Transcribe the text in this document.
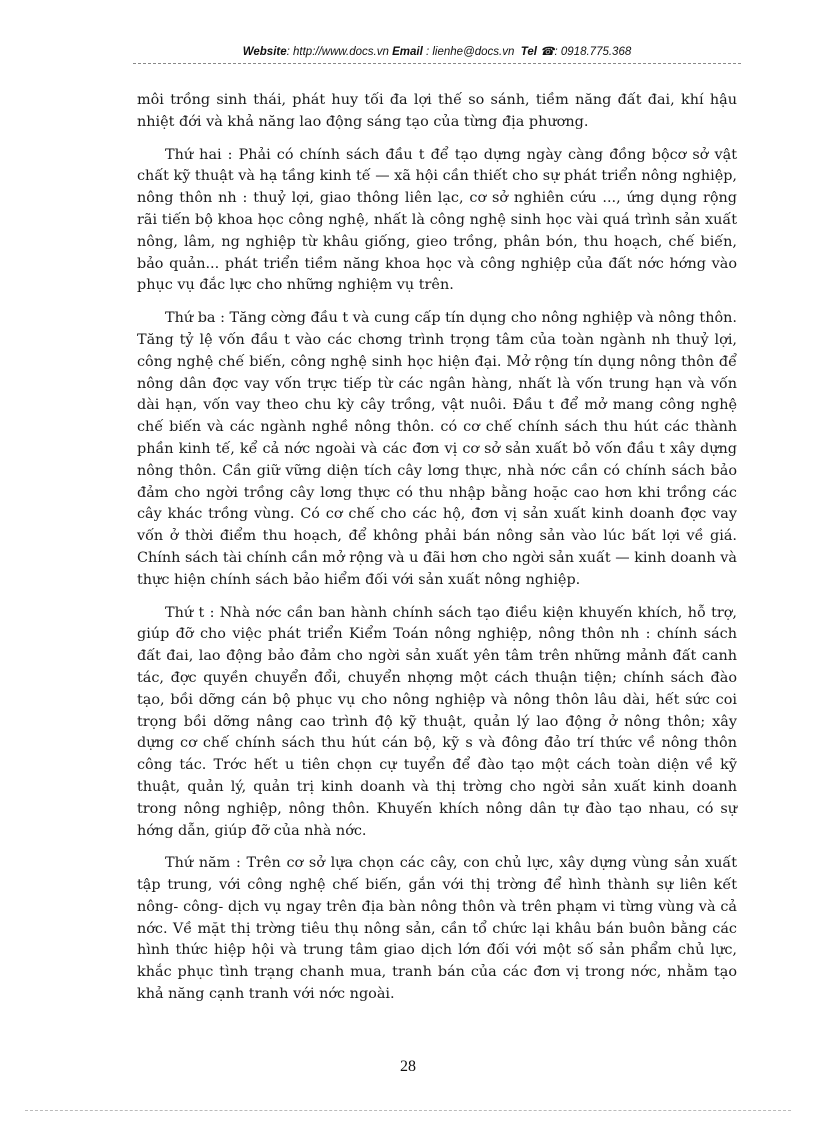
Website: http://www.docs.vn Email : lienhe@docs.vn Tel ☎: 0918.775.368

môi trồng sinh thái, phát huy tối đa lợi thế so sánh, tiềm năng đất đai, khí hậu nhiệt đới và khả năng lao động sáng tạo của từng địa phương.

Thứ hai : Phải có chính sách đầu t để tạo dựng ngày càng đồng bộcơ sở vật chất kỹ thuật và hạ tầng kinh tế — xã hội cần thiết cho sự phát triển nông nghiệp, nông thôn nh : thuỷ lợi, giao thông liên lạc, cơ sở nghiên cứu ..., ứng dụng rộng rãi tiến bộ khoa học công nghệ, nhất là công nghệ sinh học vài quá trình sản xuất nông, lâm, ng nghiệp từ khâu giống, gieo trồng, phân bón, thu hoạch, chế biến, bảo quản... phát triển tiềm năng khoa học và công nghiệp của đất nớc hớng vào phục vụ đắc lực cho những nghiệm vụ trên.

Thứ ba : Tăng cờng đầu t và cung cấp tín dụng cho nông nghiệp và nông thôn. Tăng tỷ lệ vốn đầu t vào các chơng trình trọng tâm của toàn ngành nh thuỷ lợi, công nghệ chế biến, công nghệ sinh học hiện đại. Mở rộng tín dụng nông thôn để nông dân đợc vay vốn trực tiếp từ các ngân hàng, nhất là vốn trung hạn và vốn dài hạn, vốn vay theo chu kỳ cây trồng, vật nuôi. Đầu t để mở mang công nghệ chế biến và các ngành nghề nông thôn. có cơ chế chính sách thu hút các thành phần kinh tế, kể cả nớc ngoài và các đơn vị cơ sở sản xuất bỏ vốn đầu t xây dựng nông thôn. Cần giữ vững diện tích cây lơng thực, nhà nớc cần có chính sách bảo đảm cho ngời trồng cây lơng thực có thu nhập bằng hoặc cao hơn khi trồng các cây khác trồng vùng. Có cơ chế cho các hộ, đơn vị sản xuất kinh doanh đợc vay vốn ở thời điểm thu hoạch, để không phải bán nông sản vào lúc bất lợi về giá. Chính sách tài chính cần mở rộng và u đãi hơn cho ngời sản xuất — kinh doanh và thực hiện chính sách bảo hiểm đối với sản xuất nông nghiệp.

Thứ t : Nhà nớc cần ban hành chính sách tạo điều kiện khuyến khích, hỗ trợ, giúp đỡ cho việc phát triển Kiểm Toán nông nghiệp, nông thôn nh : chính sách đất đai, lao động bảo đảm cho ngời sản xuất yên tâm trên những mảnh đất canh tác, đợc quyền chuyển đổi, chuyển nhợng một cách thuận tiện; chính sách đào tạo, bồi dỡng cán bộ phục vụ cho nông nghiệp và nông thôn lâu dài, hết sức coi trọng bồi dỡng nâng cao trình độ kỹ thuật, quản lý lao động ở nông thôn; xây dựng cơ chế chính sách thu hút cán bộ, kỹ s và đông đảo trí thức về nông thôn công tác. Trớc hết u tiên chọn cự tuyển để đào tạo một cách toàn diện về kỹ thuật, quản lý, quản trị kinh doanh và thị trờng cho ngời sản xuất kinh doanh trong nông nghiệp, nông thôn. Khuyến khích nông dân tự đào tạo nhau, có sự hớng dẫn, giúp đỡ của nhà nớc.

Thứ năm : Trên cơ sở lựa chọn các cây, con chủ lực, xây dựng vùng sản xuất tập trung, với công nghệ chế biến, gắn với thị trờng để hình thành sự liên kết nông- công- dịch vụ ngay trên địa bàn nông thôn và trên phạm vi từng vùng và cả nớc. Về mặt thị trờng tiêu thụ nông sản, cần tổ chức lại khâu bán buôn bằng các hình thức hiệp hội và trung tâm giao dịch lớn đối với một số sản phẩm chủ lực, khắc phục tình trạng chanh mua, tranh bán của các đơn vị trong nớc, nhằm tạo khả năng cạnh tranh với nớc ngoài.

28
